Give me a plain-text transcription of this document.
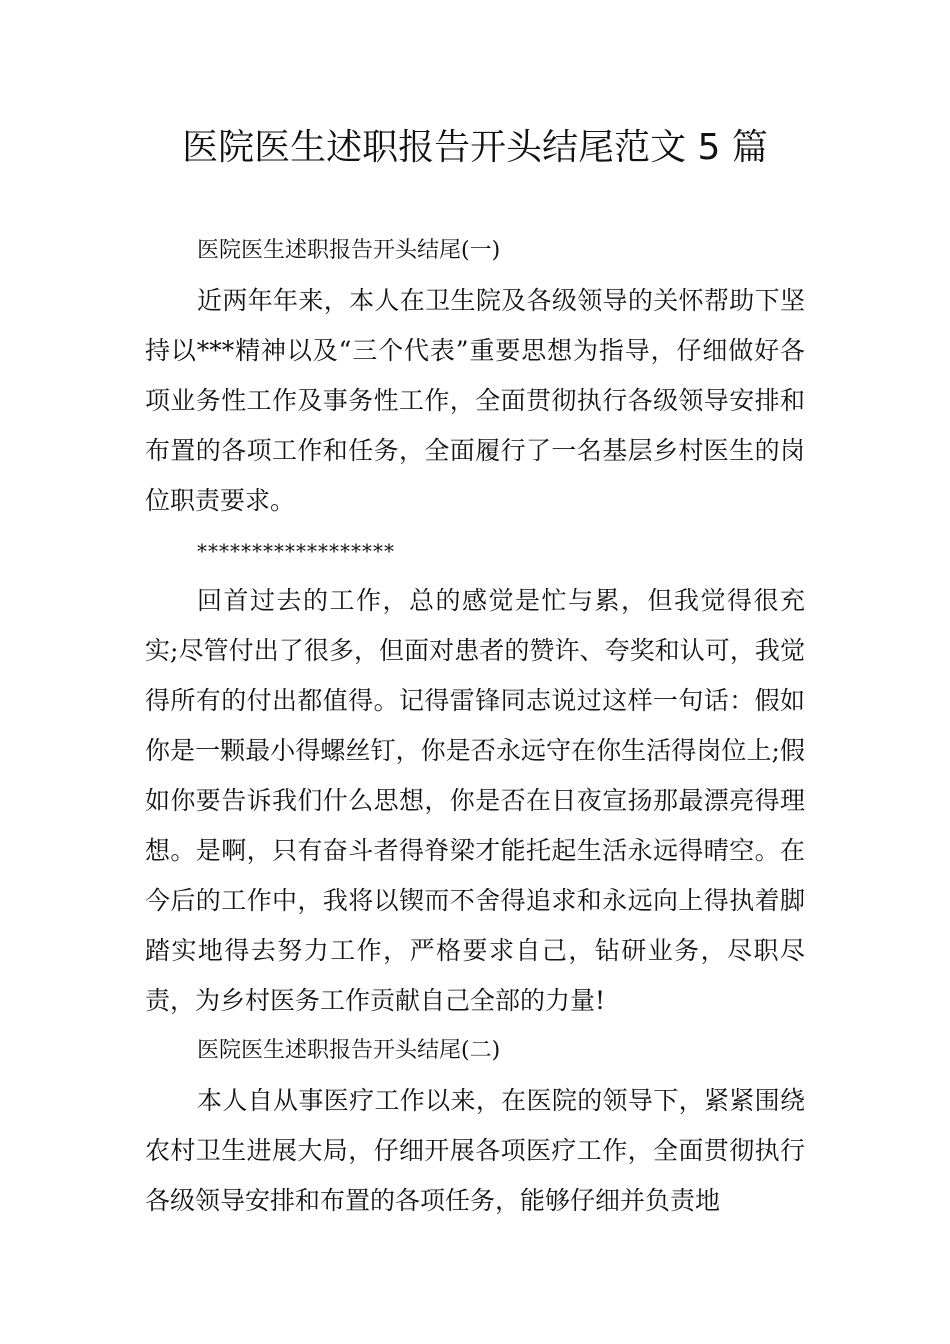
医院医生述职报告开头结尾范文 5 篇

医院医生述职报告开头结尾(一)

近两年年来，本人在卫生院及各级领导的关怀帮助下坚持以***精神以及“三个代表”重要思想为指导，仔细做好各项业务性工作及事务性工作，全面贯彻执行各级领导安排和布置的各项工作和任务，全面履行了一名基层乡村医生的岗位职责要求。

******************

回首过去的工作，总的感觉是忙与累，但我觉得很充实;尽管付出了很多，但面对患者的赞许、夸奖和认可，我觉得所有的付出都值得。记得雷锋同志说过这样一句话：假如你是一颗最小得螺丝钉，你是否永远守在你生活得岗位上;假如你要告诉我们什么思想，你是否在日夜宣扬那最漂亮得理想。是啊，只有奋斗者得脊梁才能托起生活永远得晴空。在今后的工作中，我将以锲而不舍得追求和永远向上得执着脚踏实地得去努力工作，严格要求自己，钻研业务，尽职尽责，为乡村医务工作贡献自己全部的力量!

医院医生述职报告开头结尾(二)

本人自从事医疗工作以来，在医院的领导下，紧紧围绕农村卫生进展大局，仔细开展各项医疗工作，全面贯彻执行各级领导安排和布置的各项任务，能够仔细并负责地
